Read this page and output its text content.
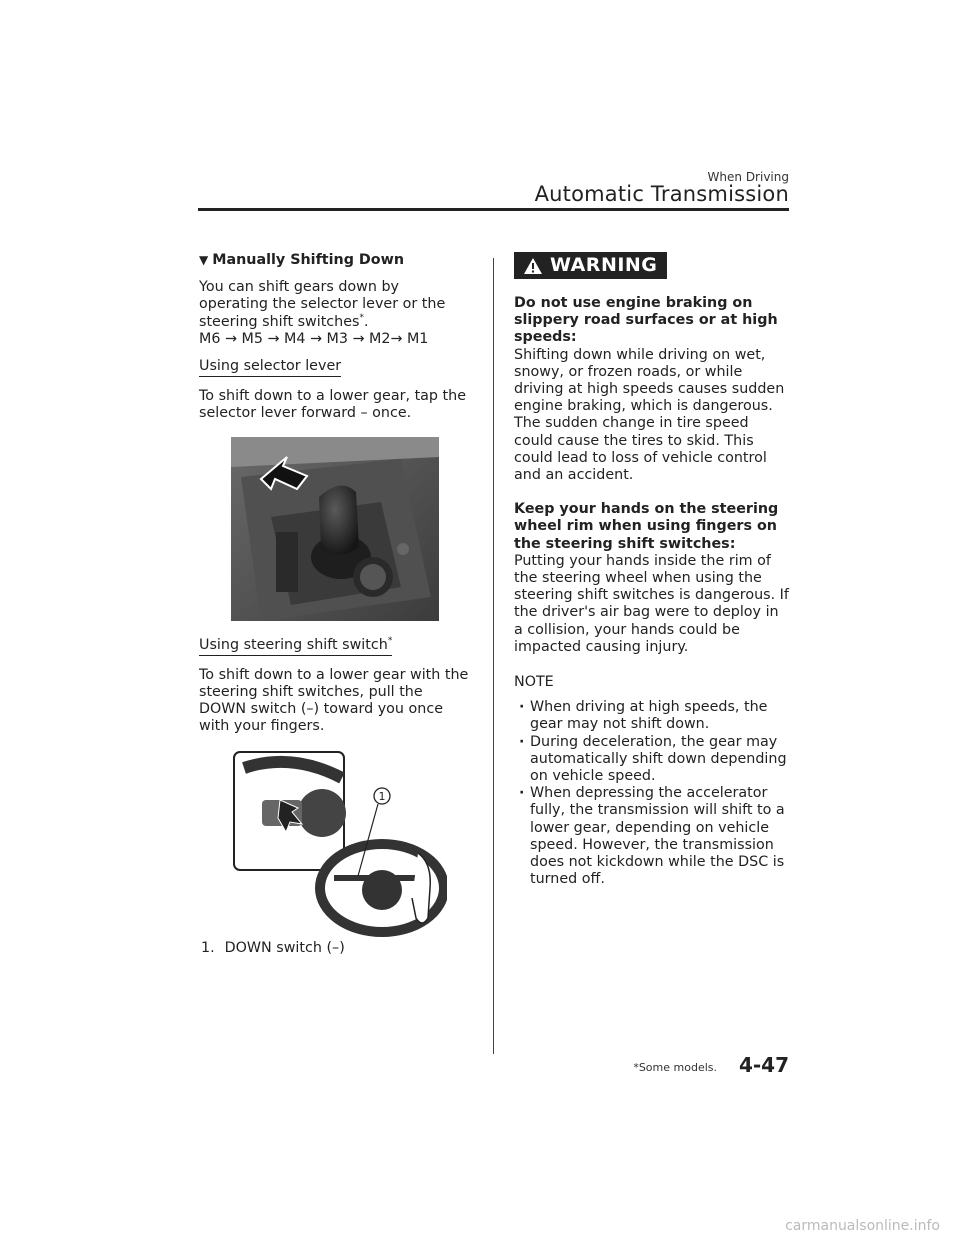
When Driving
Automatic Transmission
▼ Manually Shifting Down

You can shift gears down by operating the selector lever or the steering shift switches*.
M6 → M5 → M4 → M3 → M2→ M1

Using selector lever

To shift down to a lower gear, tap the selector lever forward – once.

Using steering shift switch*

To shift down to a lower gear with the steering shift switches, pull the DOWN switch (–) toward you once with your fingers.

1
1. DOWN switch (–)
WARNING
Do not use engine braking on slippery road surfaces or at high speeds:

Shifting down while driving on wet, snowy, or frozen roads, or while driving at high speeds causes sudden engine braking, which is dangerous. The sudden change in tire speed could cause the tires to skid. This could lead to loss of vehicle control and an accident.

Keep your hands on the steering wheel rim when using fingers on the steering shift switches:

Putting your hands inside the rim of the steering wheel when using the steering shift switches is dangerous. If the driver's air bag were to deploy in a collision, your hands could be impacted causing injury.

NOTE
· When driving at high speeds, the gear may not shift down.
· During deceleration, the gear may automatically shift down depending on vehicle speed.
· When depressing the accelerator fully, the transmission will shift to a lower gear, depending on vehicle speed. However, the transmission does not kickdown while the DSC is turned off.
*Some models. 4-47
carmanualsonline.info
